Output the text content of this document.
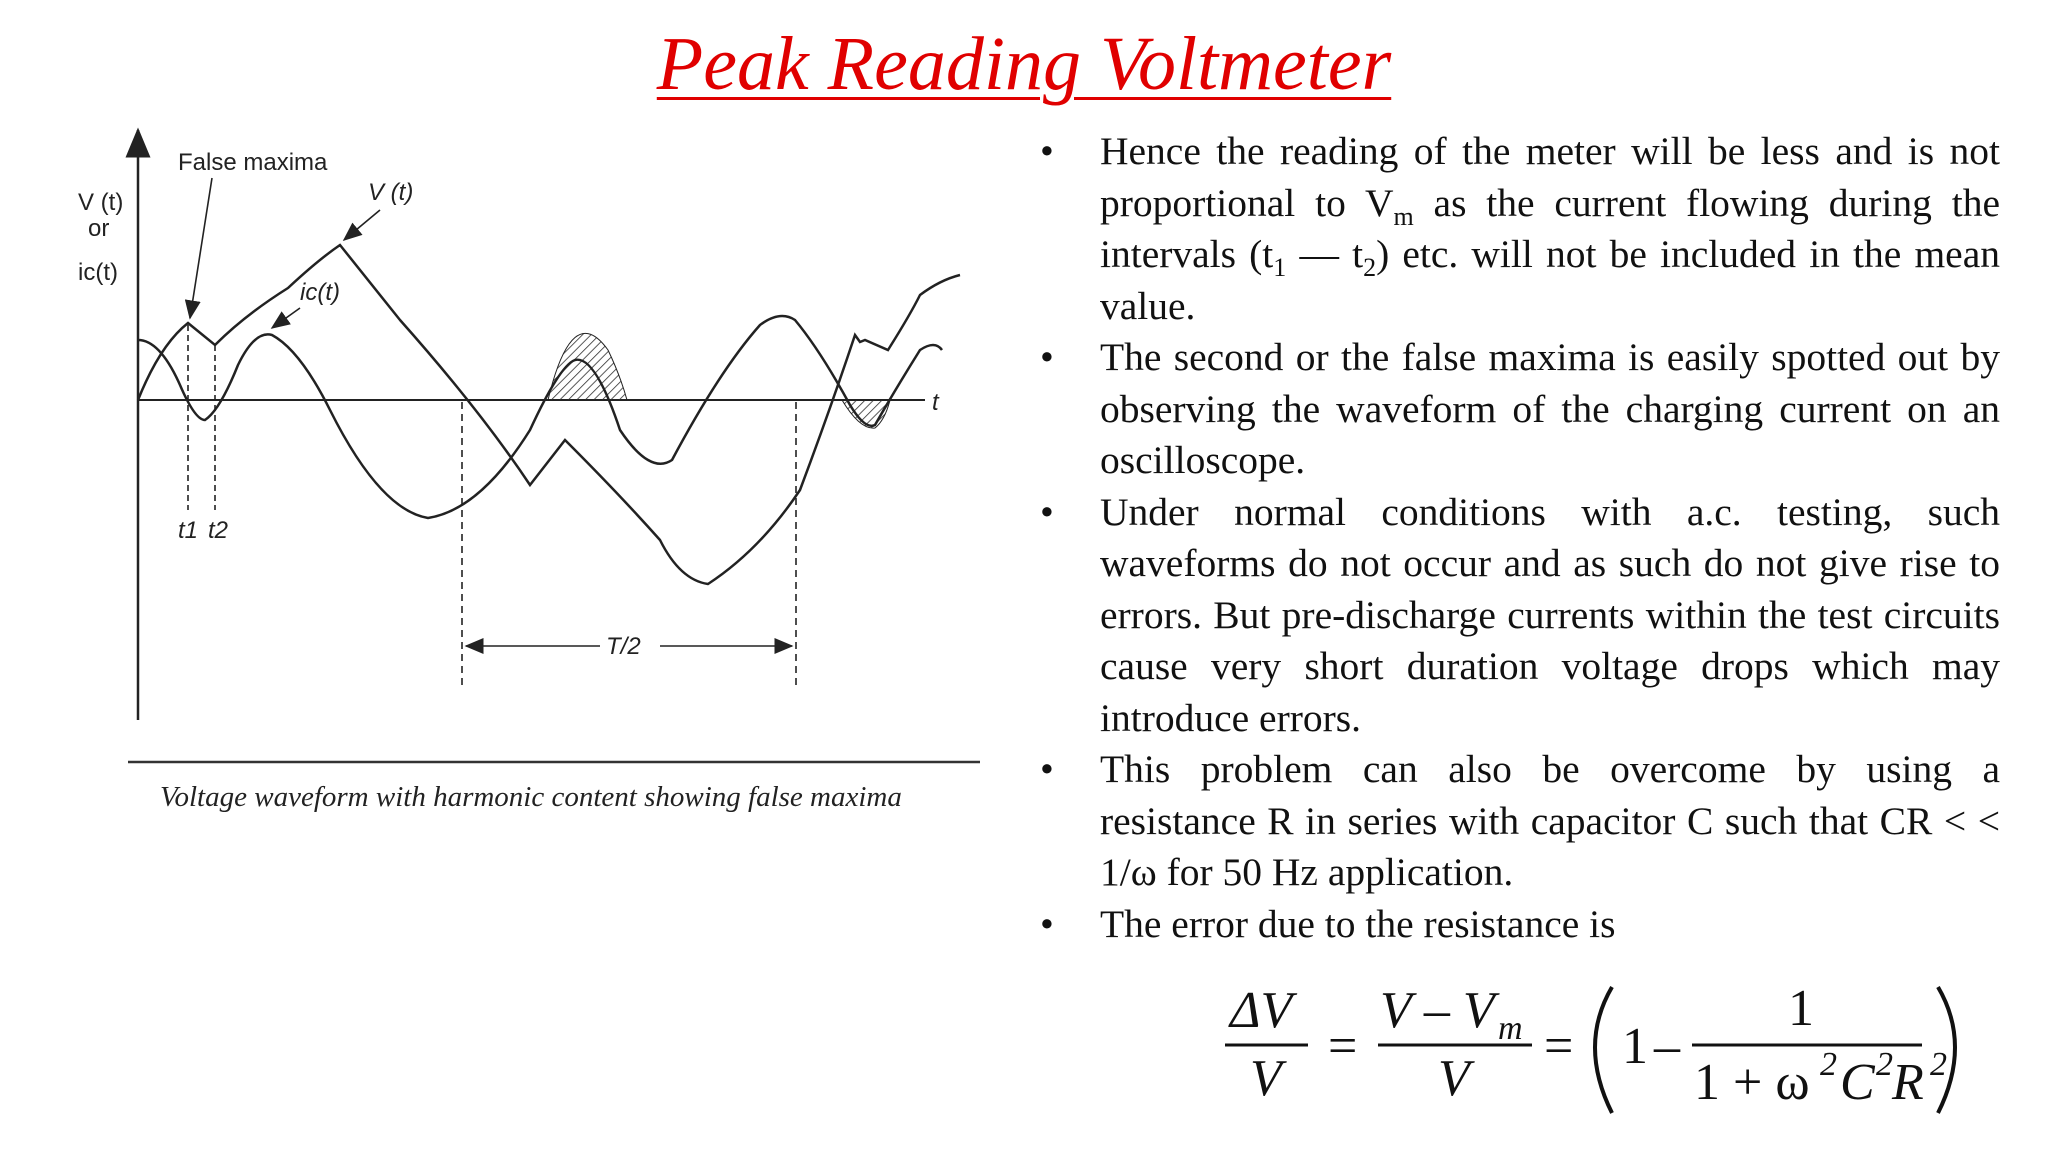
Peak Reading Voltmeter
t
V (t)
or
ic(t)
t1 t2
T/2
False maxima
V (t)
ic(t)
Voltage waveform with harmonic content showing false maxima
•	Hence the reading of the meter will be less and is not proportional to $V_m$ as the current flowing during the intervals ($t_1$ — $t_2$) etc. will not be included in the mean value.
•	The second or the false maxima is easily spotted out by observing the waveform of the charging current on an oscilloscope.
•	Under normal conditions with a.c. testing, such waveforms do not occur and as such do not give rise to errors. But pre-discharge currents within the test circuits cause very short duration voltage drops which may introduce errors.
•	This problem can also be overcome by using a resistance R in series with capacitor C such that CR < < 1/ω for 50 Hz application.
•	The error due to the resistance is
ΔV
V
=
V – V m
V
= 1 –
1
1 + ω 2 C 2 R 2
